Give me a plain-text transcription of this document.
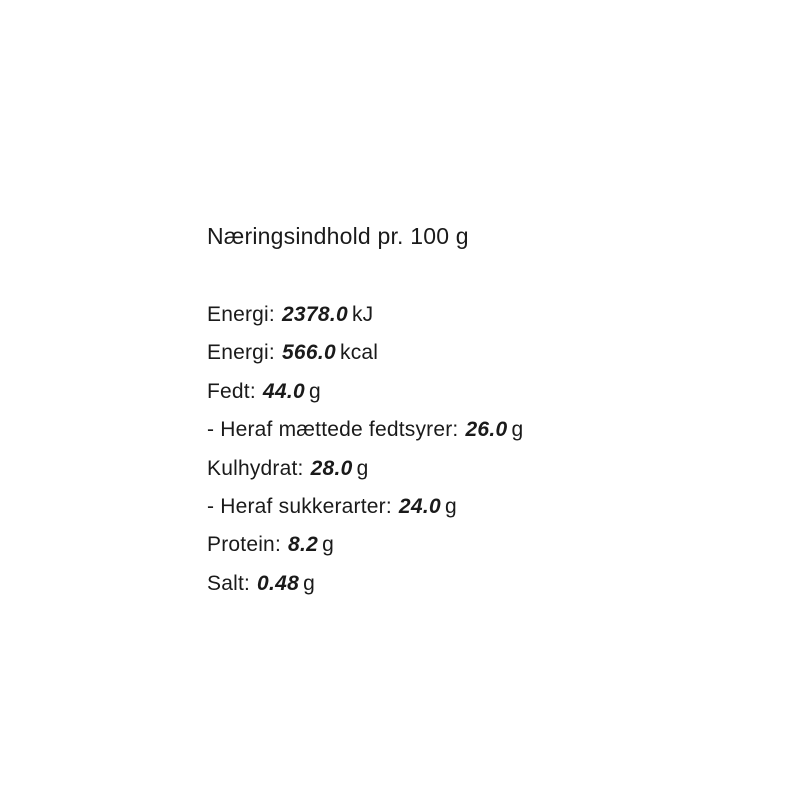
Næringsindhold pr. 100 g
Energi: 2378.0 kJ
Energi: 566.0 kcal
Fedt: 44.0 g
- Heraf mættede fedtsyrer: 26.0 g
Kulhydrat: 28.0 g
- Heraf sukkerarter: 24.0 g
Protein: 8.2 g
Salt: 0.48 g
